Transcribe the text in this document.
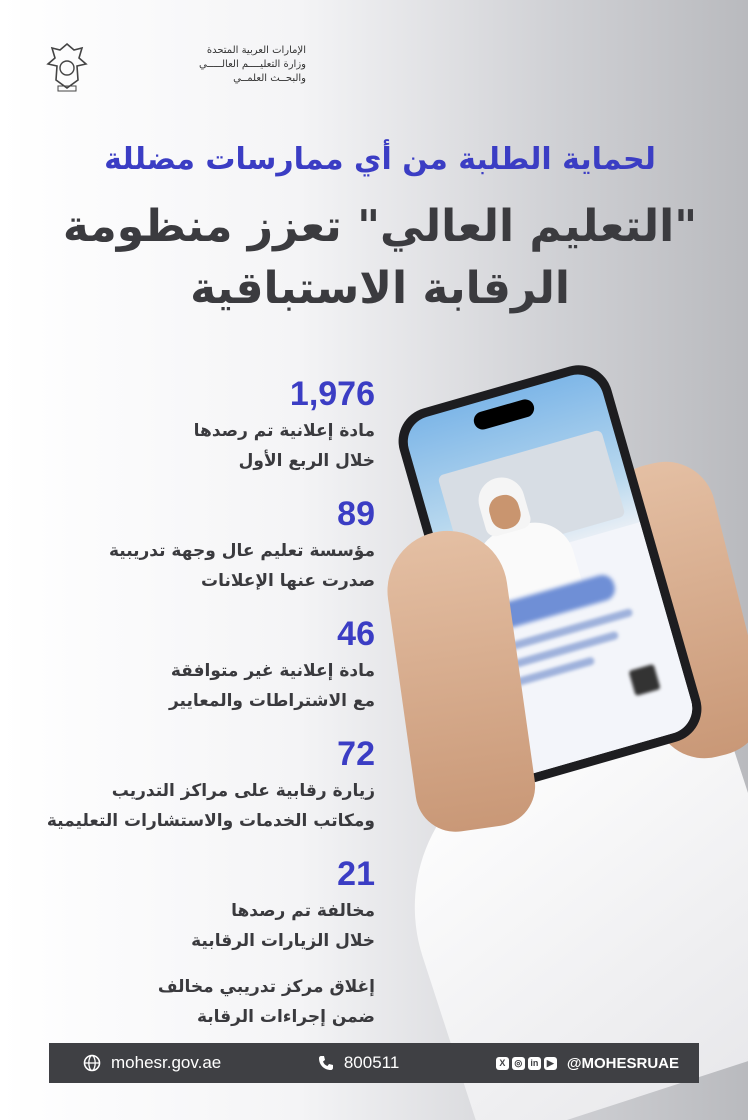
الإمارات العربية المتحدة
وزارة التعليــــم العالـــــي
والبحــث العلمــي
لحماية الطلبة من أي ممارسات مضللة
"التعليم العالي" تعزز منظومة
الرقابة الاستباقية
1,976
مادة إعلانية تم رصدها
خلال الربع الأول
89
مؤسسة تعليم عال وجهة تدريبية
صدرت عنها الإعلانات
46
مادة إعلانية غير متوافقة
مع الاشتراطات والمعايير
72
زيارة رقابية على مراكز التدريب
ومكاتب الخدمات والاستشارات التعليمية
21
مخالفة تم رصدها
خلال الزيارات الرقابية
إغلاق مركز تدريبي مخالف
ضمن إجراءات الرقابة
mohesr.gov.ae	800511	X	◎ in ▶ @MOHESRUAE
